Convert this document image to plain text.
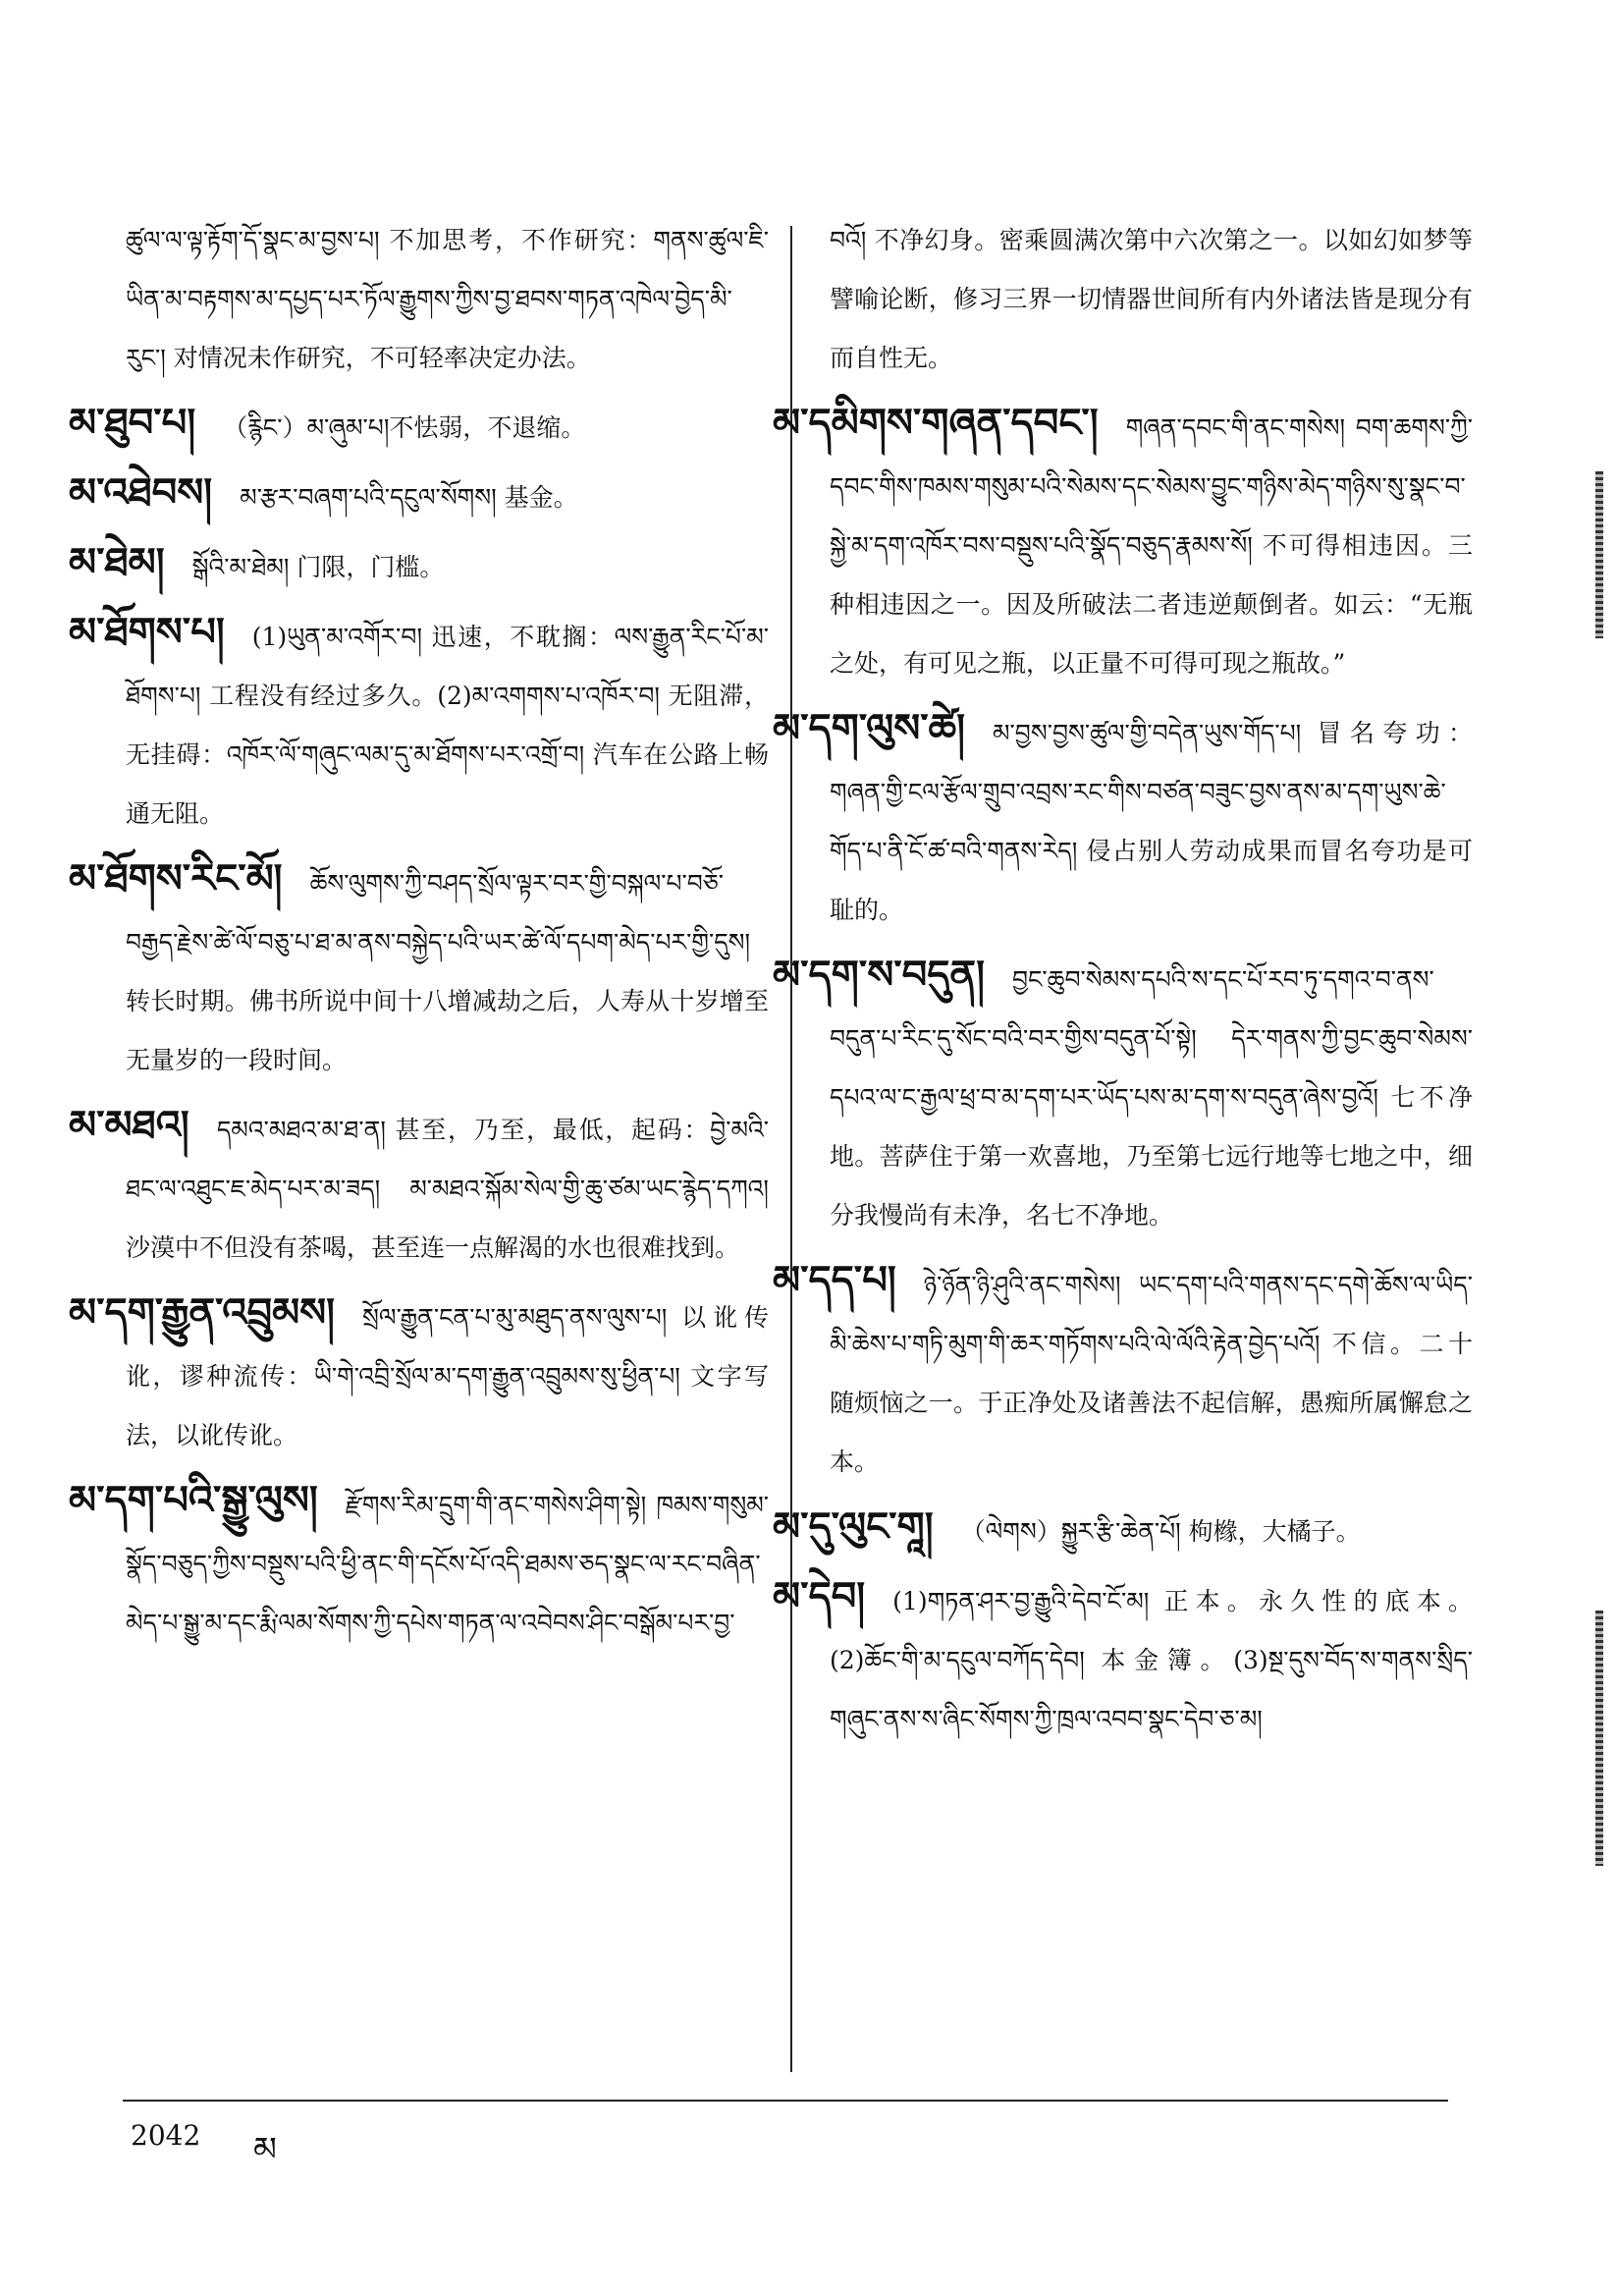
ཚུལ་ལ་ལྟ་རྟོག་དོ་སྣང་མ་བྱས་པ། 不加思考，不作研究：གནས་ཚུལ་ཇི་ཡིན་མ་བརྟགས་མ་དཔྱད་པར་ཏོལ་རྒྱུགས་ཀྱིས་བྱ་ཐབས་གཏན་འཁེལ་བྱེད་མི་རུང་། 对情况未作研究，不可轻率决定办法。
མ་ཐུབ་པ། （རྙིང་）མ་ཞུམ་པ།不怯弱，不退缩。
མ་འཐེབས། མ་རྩར་བཞག་པའི་དངུལ་སོགས། 基金。
མ་ཐེམ། སྒོའི་མ་ཐེམ། 门限，门槛。
མ་ཐོགས་པ། (1)ཡུན་མ་འགོར་བ། 迅速，不耽搁：ལས་རྒྱུན་རིང་པོ་མ་ཐོགས་པ། 工程没有经过多久。(2)མ་འགགས་པ་འཁོར་བ། 无阻滞，无挂碍：འཁོར་ལོ་གཞུང་ལམ་དུ་མ་ཐོགས་པར་འགྲོ་བ། 汽车在公路上畅通无阻。
མ་ཐོགས་རིང་མོ། ཆོས་ལུགས་ཀྱི་བཤད་སྲོལ་ལྟར་བར་གྱི་བསྐལ་པ་བཅོ་བརྒྱད་རྗེས་ཚེ་ལོ་བཅུ་པ་ཐ་མ་ནས་བསྐྱེད་པའི་ཡར་ཚེ་ལོ་དཔག་མེད་པར་གྱི་དུས། 转长时期。佛书所说中间十八增减劫之后，人寿从十岁增至无量岁的一段时间。
མ་མཐའ། དམའ་མཐའ་མ་ཐ་ན། 甚至，乃至，最低，起码：བྱེ་མའི་ཐང་ལ་འཐུང་ཇ་མེད་པར་མ་ཟད། མ་མཐའ་སྐོམ་སེལ་གྱི་ཆུ་ཙམ་ཡང་རྙེད་དཀའ། 沙漠中不但没有茶喝，甚至连一点解渴的水也很难找到。
མ་དག་རྒྱུན་འབྲུམས། སྲོལ་རྒྱུན་ངན་པ་མུ་མཐུད་ནས་ལུས་པ། 以讹传讹，谬种流传：ཡི་གེ་འབྲི་སྲོལ་མ་དག་རྒྱུན་འབྲུམས་སུ་ཕྱིན་པ། 文字写法，以讹传讹。
མ་དག་པའི་སྒྱུ་ལུས། རྫོགས་རིམ་དྲུག་གི་ནང་གསེས་ཤིག་སྟེ། ཁམས་གསུམ་སྣོད་བཅུད་ཀྱིས་བསྡུས་པའི་ཕྱི་ནང་གི་དངོས་པོ་འདི་ཐམས་ཅད་སྣང་ལ་རང་བཞིན་མེད་པ་སྒྱུ་མ་དང་རྨི་ལམ་སོགས་ཀྱི་དཔེས་གཏན་ལ་འབེབས་ཤིང་བསྒོམ་པར་བྱ་
བའོ། 不净幻身。密乘圆满次第中六次第之一。以如幻如梦等譬喻论断，修习三界一切情器世间所有内外诸法皆是现分有而自性无。
མ་དམིགས་གཞན་དབང་། གཞན་དབང་གི་ནང་གསེས། བག་ཆགས་ཀྱི་དབང་གིས་ཁམས་གསུམ་པའི་སེམས་དང་སེམས་བྱུང་གཉིས་མེད་གཉིས་སུ་སྣང་བ་སྐྱེ་མ་དག་འཁོར་བས་བསྡུས་པའི་སྣོད་བཅུད་རྣམས་སོ། 不可得相违因。三种相违因之一。因及所破法二者违逆颠倒者。如云：“无瓶之处，有可见之瓶，以正量不可得可现之瓶故。”
མ་དག་ལུས་ཚེ། མ་བྱས་བྱས་ཚུལ་གྱི་བདེན་ཡུས་གོད་པ། 冒名夸功：གཞན་གྱི་ངལ་རྩོལ་གྲུབ་འབྲས་རང་གིས་བཙན་བཟུང་བྱས་ནས་མ་དག་ཡུས་ཆེ་གོད་པ་ནི་ངོ་ཚ་བའི་གནས་རེད། 侵占别人劳动成果而冒名夸功是可耻的。
མ་དག་ས་བདུན། བྱང་ཆུབ་སེམས་དཔའི་ས་དང་པོ་རབ་ཏུ་དགའ་བ་ནས་བདུན་པ་རིང་དུ་སོང་བའི་བར་གྱིས་བདུན་པོ་སྟེ། དེར་གནས་ཀྱི་བྱང་ཆུབ་སེམས་དཔའ་ལ་ང་རྒྱལ་ཕྲ་བ་མ་དག་པར་ཡོད་པས་མ་དག་ས་བདུན་ཞེས་བྱའོ། 七不净地。菩萨住于第一欢喜地，乃至第七远行地等七地之中，细分我慢尚有未净，名七不净地。
མ་དད་པ། ཉེ་ཉོན་ཉི་ཤུའི་ནང་གསེས། ཡང་དག་པའི་གནས་དང་དགེ་ཆོས་ལ་ཡིད་མི་ཆེས་པ་གཏི་མུག་གི་ཆར་གཏོགས་པའི་ལེ་ལོའི་རྟེན་བྱེད་པའོ། 不信。二十随烦恼之一。于正净处及诸善法不起信解，愚痴所属懈怠之本。
མ་དུ་ལུང་གཱ། （ལེགས）སྐྱུར་རྩི་ཆེན་པོ། 枸橼，大橘子。
མ་དེབ། (1)གཏན་ཤར་བྱ་རྒྱུའི་དེབ་ངོ་མ། 正本。永久性的底本。(2)ཆོང་གི་མ་དངུལ་བཀོད་དེབ། 本金簿。(3)སྔ་དུས་བོད་ས་གནས་སྲིད་གཞུང་ནས་ས་ཞིང་སོགས་ཀྱི་ཁྲལ་འབབ་སྣང་དེབ་ཅ་མ།
2042 མ
